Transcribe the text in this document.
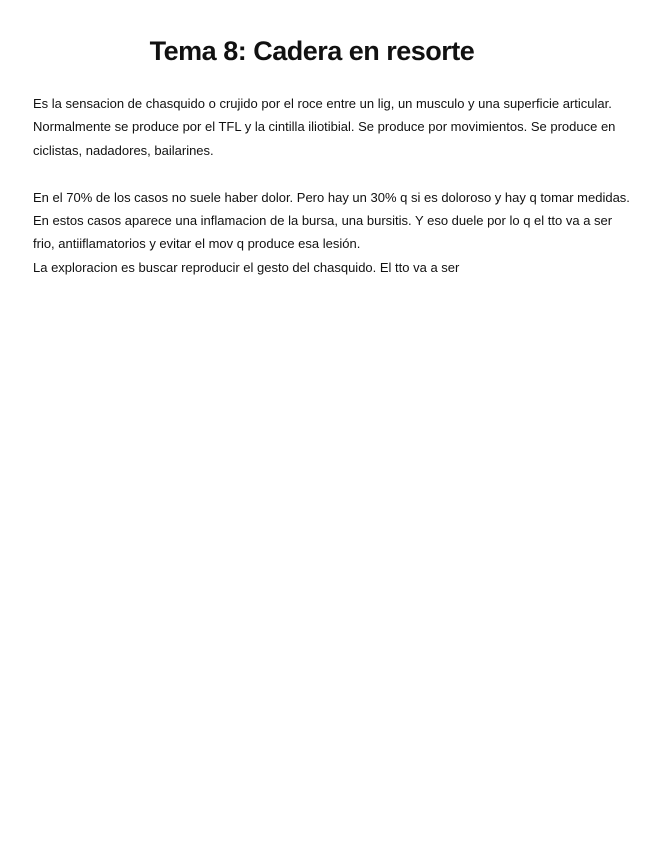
Tema 8: Cadera en resorte

Es la sensacion de chasquido o crujido por el roce entre un lig, un musculo y una superficie articular. Normalmente se produce por el TFL y la cintilla iliotibial. Se produce por movimientos. Se produce en ciclistas, nadadores, bailarines.

En el 70% de los casos no suele haber dolor. Pero hay un 30% q si es doloroso y hay q tomar medidas.

En estos casos aparece una inflamacion de la bursa, una bursitis. Y eso duele por lo q el tto va a ser frio, antiiflamatorios y evitar el mov q produce esa lesión.

La exploracion es buscar reproducir el gesto del chasquido. El tto va a ser
